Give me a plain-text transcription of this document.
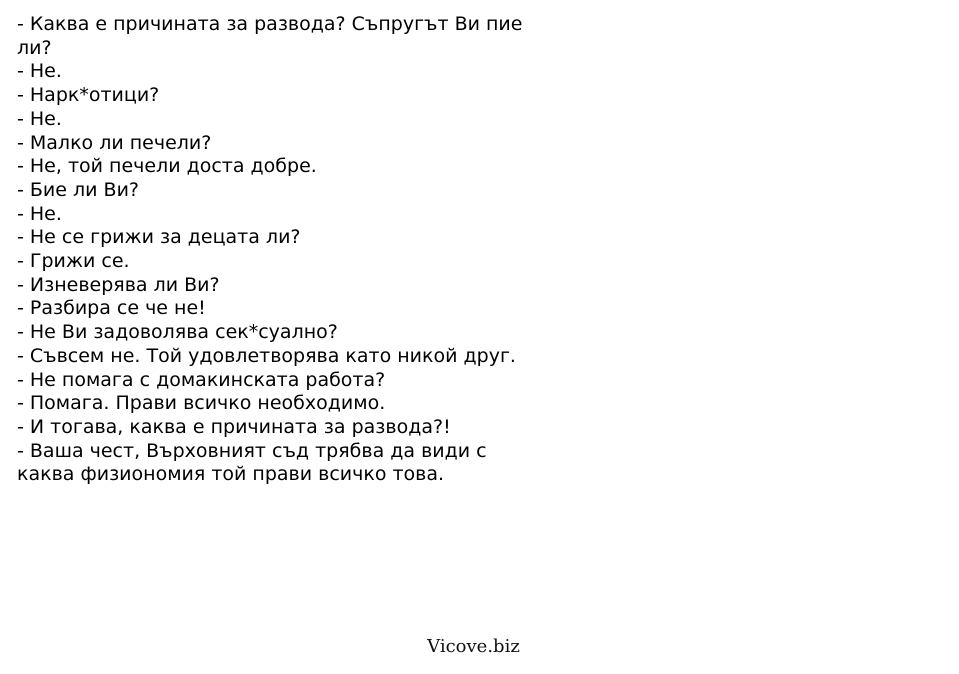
- Каква е причината за развода? Съпругът Ви пие
ли?
- Не.
- Нарк*отици?
- Не.
- Малко ли печели?
- Не, той печели доста добре.
- Бие ли Ви?
- Не.
- Не се грижи за децата ли?
- Грижи се.
- Изневерява ли Ви?
- Разбира се че не!
- Не Ви задоволява сек*суално?
- Съвсем не. Той удовлетворява като никой друг.
- Не помага с домакинската работа?
- Помага. Прави всичко необходимо.
- И тогава, каква е причината за развода?!
- Ваша чест, Върховният съд трябва да види с
каква физиономия той прави всичко това.
Vicove.biz
